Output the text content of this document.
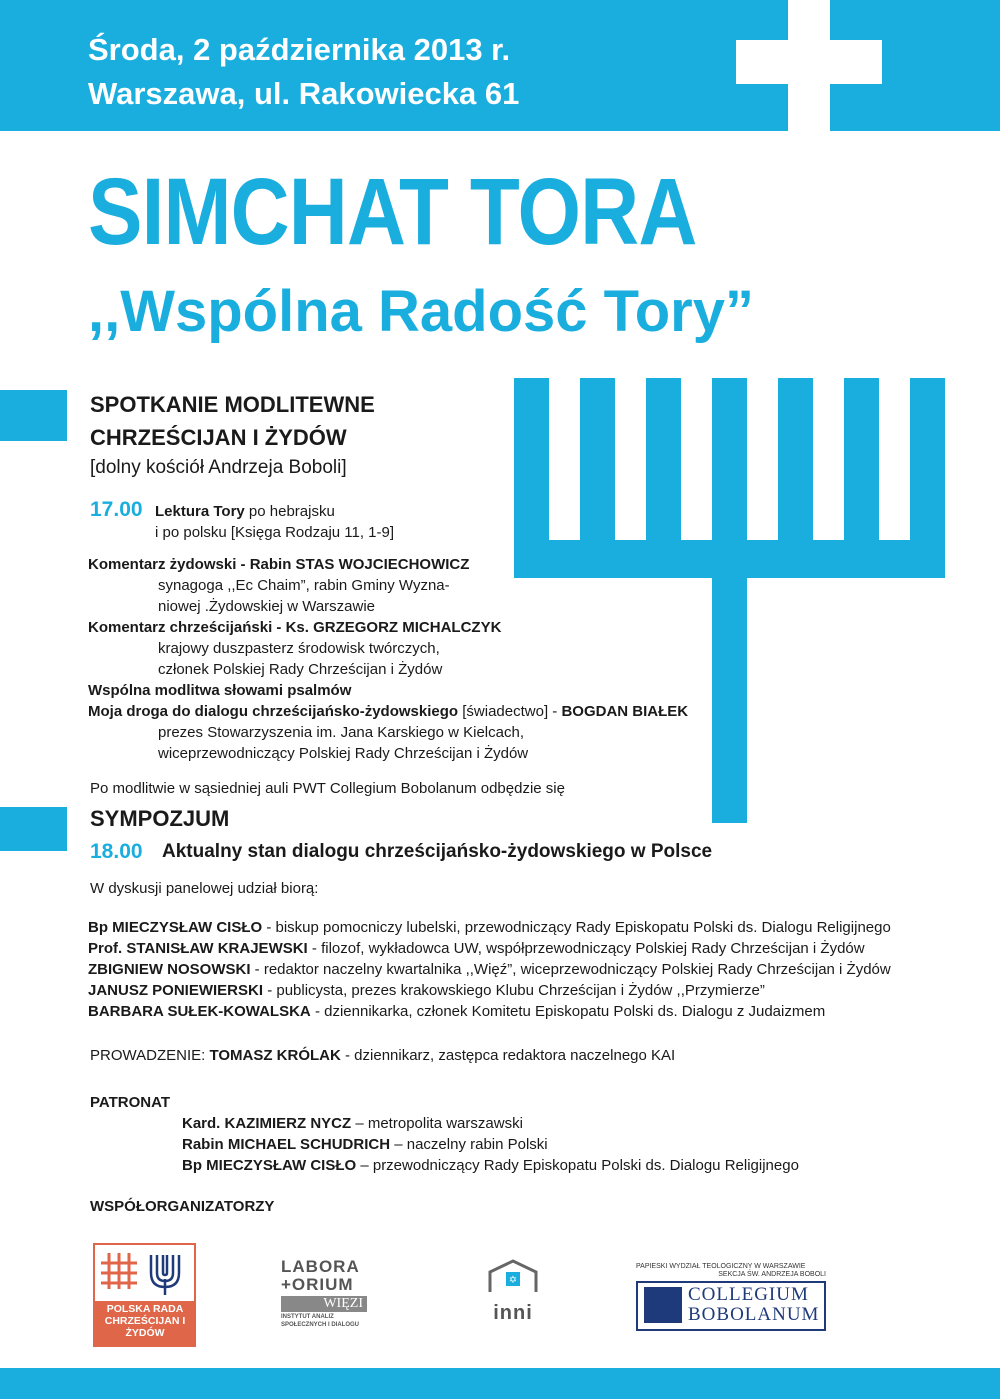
Środa, 2 października 2013 r.
Warszawa, ul. Rakowiecka 61
SIMCHAT TORA
,,Wspólna Radość Tory”
SPOTKANIE MODLITEWNE
CHRZEŚCIJAN I ŻYDÓW
[dolny kościół Andrzeja Boboli]
17.00 Lektura Tory po hebrajsku
i po polsku [Księga Rodzaju 11, 1-9]
Komentarz żydowski - Rabin STAS WOJCIECHOWICZ
synagoga ,,Ec Chaim”, rabin Gminy Wyzna-
niowej .Żydowskiej w Warszawie
Komentarz chrześcijański - Ks. GRZEGORZ MICHALCZYK
krajowy duszpasterz środowisk twórczych,
członek Polskiej Rady Chrześcijan i Żydów
Wspólna modlitwa słowami psalmów
Moja droga do dialogu chrześcijańsko-żydowskiego [świadectwo] - BOGDAN BIAŁEK
prezes Stowarzyszenia im. Jana Karskiego w Kielcach,
wiceprzewodniczący Polskiej Rady Chrześcijan i Żydów
Po modlitwie w sąsiedniej auli PWT Collegium Bobolanum odbędzie się
SYMPOZJUM
18.00 Aktualny stan dialogu chrześcijańsko-żydowskiego w Polsce
W dyskusji panelowej udział biorą:
Bp MIECZYSŁAW CISŁO - biskup pomocniczy lubelski, przewodniczący Rady Episkopatu Polski ds. Dialogu Religijnego
Prof. STANISŁAW KRAJEWSKI - filozof, wykładowca UW, współprzewodniczący Polskiej Rady Chrześcijan i Żydów
ZBIGNIEW NOSOWSKI - redaktor naczelny kwartalnika ,,Więź”, wiceprzewodniczący Polskiej Rady Chrześcijan i Żydów
JANUSZ PONIEWIERSKI - publicysta, prezes krakowskiego Klubu Chrześcijan i Żydów ,,Przymierze”
BARBARA SUŁEK-KOWALSKA - dziennikarka, członek Komitetu Episkopatu Polski ds. Dialogu z Judaizmem
PROWADZENIE: TOMASZ KRÓLAK - dziennikarz, zastępca redaktora naczelnego KAI
PATRONAT
Kard. KAZIMIERZ NYCZ – metropolita warszawski
Rabin MICHAEL SCHUDRICH – naczelny rabin Polski
Bp MIECZYSŁAW CISŁO – przewodniczący Rady Episkopatu Polski ds. Dialogu Religijnego
WSPÓŁORGANIZATORZY
POLSKA RADA CHRZEŚCIJAN I ŻYDÓW
LABORA
+ORIUM
WIĘZI
INSTYTUT ANALIZ
SPOŁECZNYCH I DIALOGU
✡
inni
PAPIESKI WYDZIAŁ TEOLOGICZNY W WARSZAWIE
SEKCJA ŚW. ANDRZEJA BOBOLI
COLLEGIUM
BOBOLANUM
